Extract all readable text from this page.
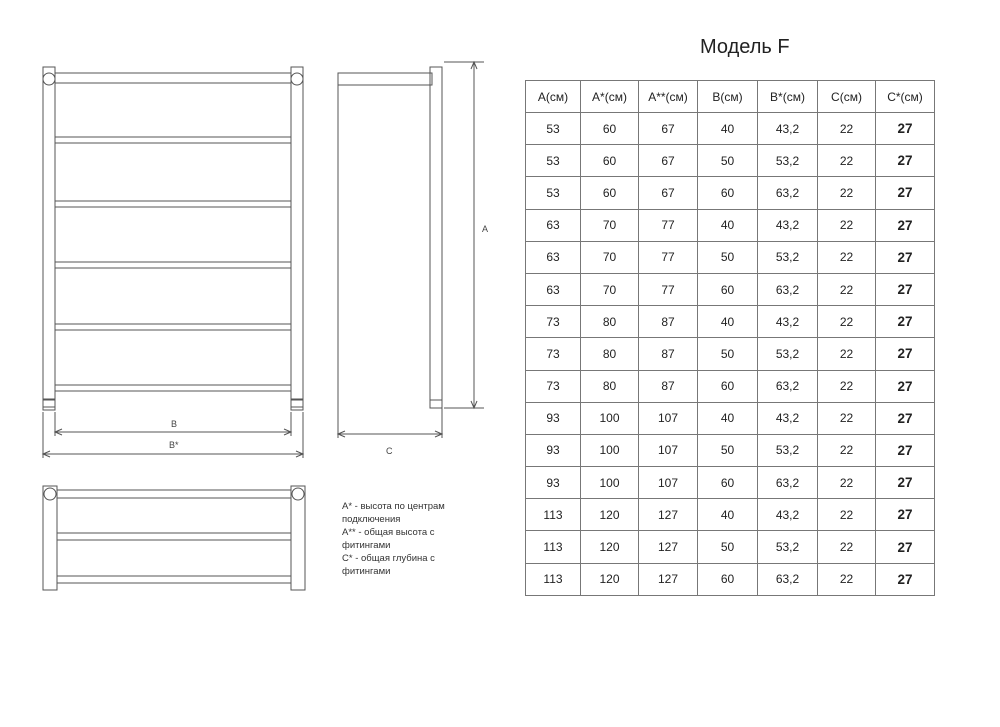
B
B*
A
C
A* - высота по центрам
подключения
A** - общая высота с
фитингами
C* - общая глубина с
фитингами
Модель F
A(см)	A*(см)	A**(см)	B(см)	B*(см)	C(см)	C*(см)
53	60	67	40	43,2	22	27
53	60	67	50	53,2	22	27
53	60	67	60	63,2	22	27
63	70	77	40	43,2	22	27
63	70	77	50	53,2	22	27
63	70	77	60	63,2	22	27
73	80	87	40	43,2	22	27
73	80	87	50	53,2	22	27
73	80	87	60	63,2	22	27
93	100	107	40	43,2	22	27
93	100	107	50	53,2	22	27
93	100	107	60	63,2	22	27
113	120	127	40	43,2	22	27
113	120	127	50	53,2	22	27
113	120	127	60	63,2	22	27
